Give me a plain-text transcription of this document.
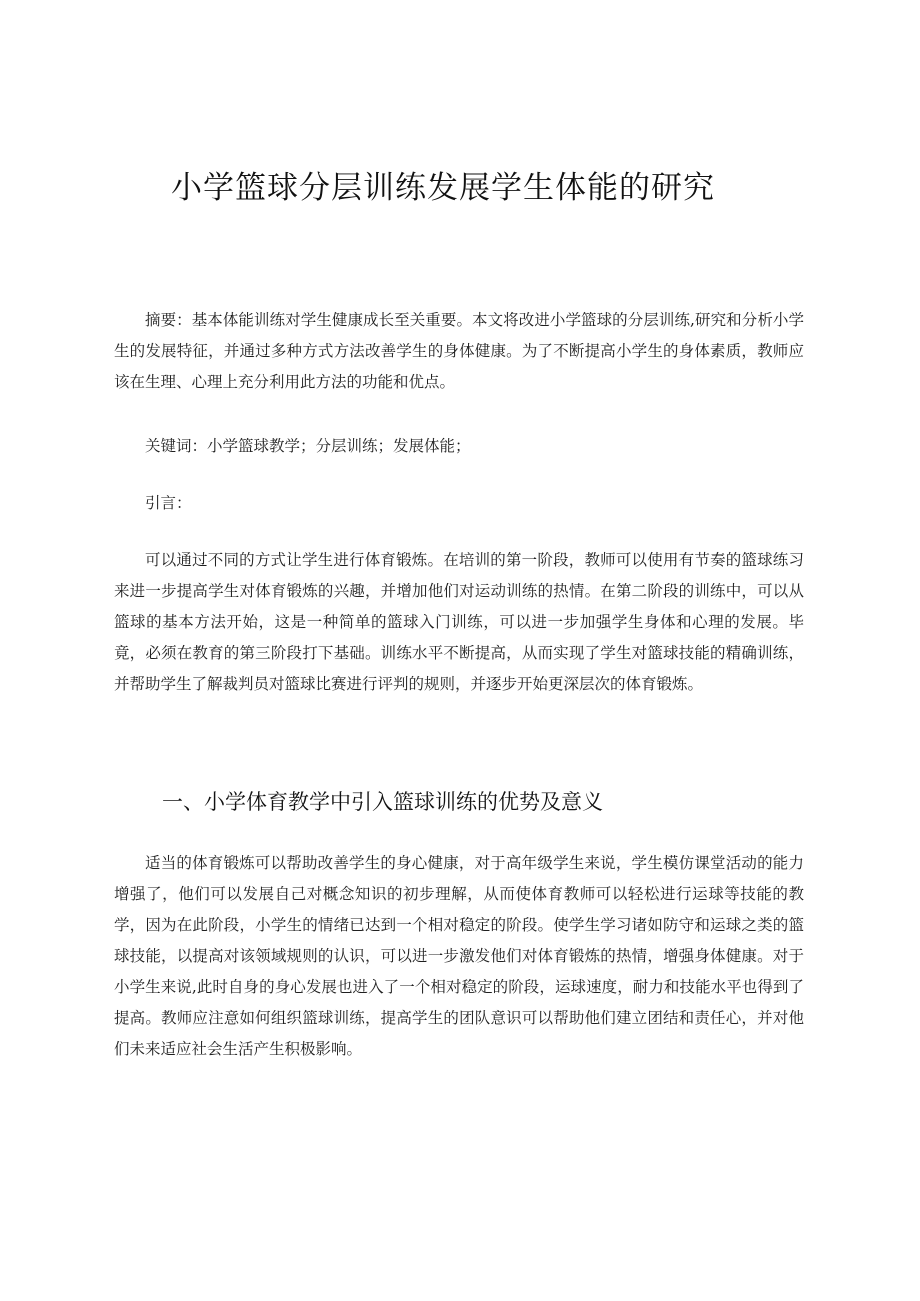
小学篮球分层训练发展学生体能的研究

摘要：基本体能训练对学生健康成长至关重要。本文将改进小学篮球的分层训练,研究和分析小学生的发展特征，并通过多种方式方法改善学生的身体健康。为了不断提高小学生的身体素质，教师应该在生理、心理上充分利用此方法的功能和优点。

关键词：小学篮球教学；分层训练；发展体能；

引言：

可以通过不同的方式让学生进行体育锻炼。在培训的第一阶段，教师可以使用有节奏的篮球练习来进一步提高学生对体育锻炼的兴趣，并增加他们对运动训练的热情。在第二阶段的训练中，可以从篮球的基本方法开始，这是一种简单的篮球入门训练，可以进一步加强学生身体和心理的发展。毕竟，必须在教育的第三阶段打下基础。训练水平不断提高，从而实现了学生对篮球技能的精确训练，并帮助学生了解裁判员对篮球比赛进行评判的规则，并逐步开始更深层次的体育锻炼。

一、小学体育教学中引入篮球训练的优势及意义

适当的体育锻炼可以帮助改善学生的身心健康，对于高年级学生来说，学生模仿课堂活动的能力增强了，他们可以发展自己对概念知识的初步理解，从而使体育教师可以轻松进行运球等技能的教学，因为在此阶段，小学生的情绪已达到一个相对稳定的阶段。使学生学习诸如防守和运球之类的篮球技能，以提高对该领域规则的认识，可以进一步激发他们对体育锻炼的热情，增强身体健康。对于小学生来说,此时自身的身心发展也进入了一个相对稳定的阶段，运球速度，耐力和技能水平也得到了提高。教师应注意如何组织篮球训练，提高学生的团队意识可以帮助他们建立团结和责任心，并对他们未来适应社会生活产生积极影响。
